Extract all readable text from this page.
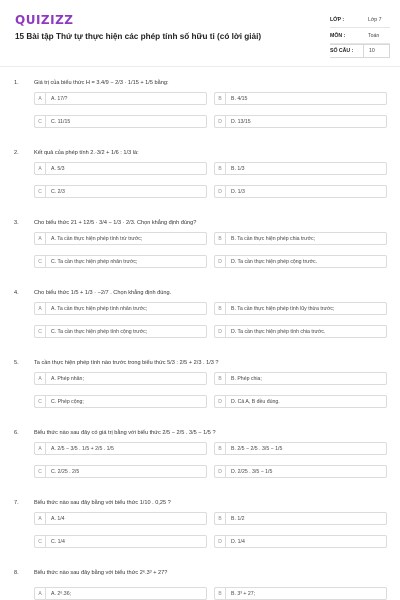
QUIZIZZ
15 Bài tập Thứ tự thực hiện các phép tính số hữu tỉ (có lời giải)
LỚP :	Lớp 7
MÔN :	Toán
SỐ CÂU :	10
1.	Giá trị của biểu thức H = 3.4/9 − 2/3 · 1/15 + 1/5 bằng:
A	A. 17/?	B	B. 4/15
C	C. 11/15	D	D. 13/15
2.	Kết quả của phép tính 2.·3/2 + 1/6 : 1/3 là:
A	A. 5/3	B	B. 1/3
C	C. 2/3	D	D. 1/3
3.	Cho biểu thức 21 + 12/5 · 3/4 − 1/3 · 2/3. Chọn khẳng định đúng?
A	A. Ta cần thực hiện phép tính trừ trước;	B	B. Ta cần thực hiện phép chia trước;
C	C. Ta cần thực hiện phép nhân trước;	D	D. Ta cần thực hiện phép cộng trước.
4.	Cho biểu thức 1/5 + 1/3 · −2/7 . Chọn khẳng định đúng.
A	A. Ta cần thực hiện phép tính nhân trước;	B	B. Ta cần thực hiện phép tính lũy thừa trước;
C	C. Ta cần thực hiện phép tính cộng trước;	D	D. Ta cần thực hiện phép tính chia trước.
5.	Ta cần thực hiện phép tính nào trước trong biểu thức 5/3 : 2/5 + 2/3 . 1/3 ?
A	A. Phép nhân;	B	B. Phép chia;
C	C. Phép cộng;	D	D. Cả A, B đều đúng.
6.	Biểu thức nào sau đây có giá trị bằng với biểu thức 2/5 − 2/5 . 3/5 − 1/5 ?
A	A. 2/5 − 3/5 . 1/5 + 2/5 . 1/5	B	B. 2/5 − 2/5 . 3/5 − 1/5
C	C. 2/25 . 2/5	D	D. 2/25 . 3/5 − 1/5
7.	Biểu thức nào sau đây bằng với biểu thức 1/10 . 0,25 ?
A	A. 1/4	B	B. 1/2
C	C. 1/4	D	D. 1/4
8.	Biểu thức nào sau đây bằng với biểu thức 2⁶.3³ + 27?
A	A. 2⁶.36;	B	B. 3³ + 27;
